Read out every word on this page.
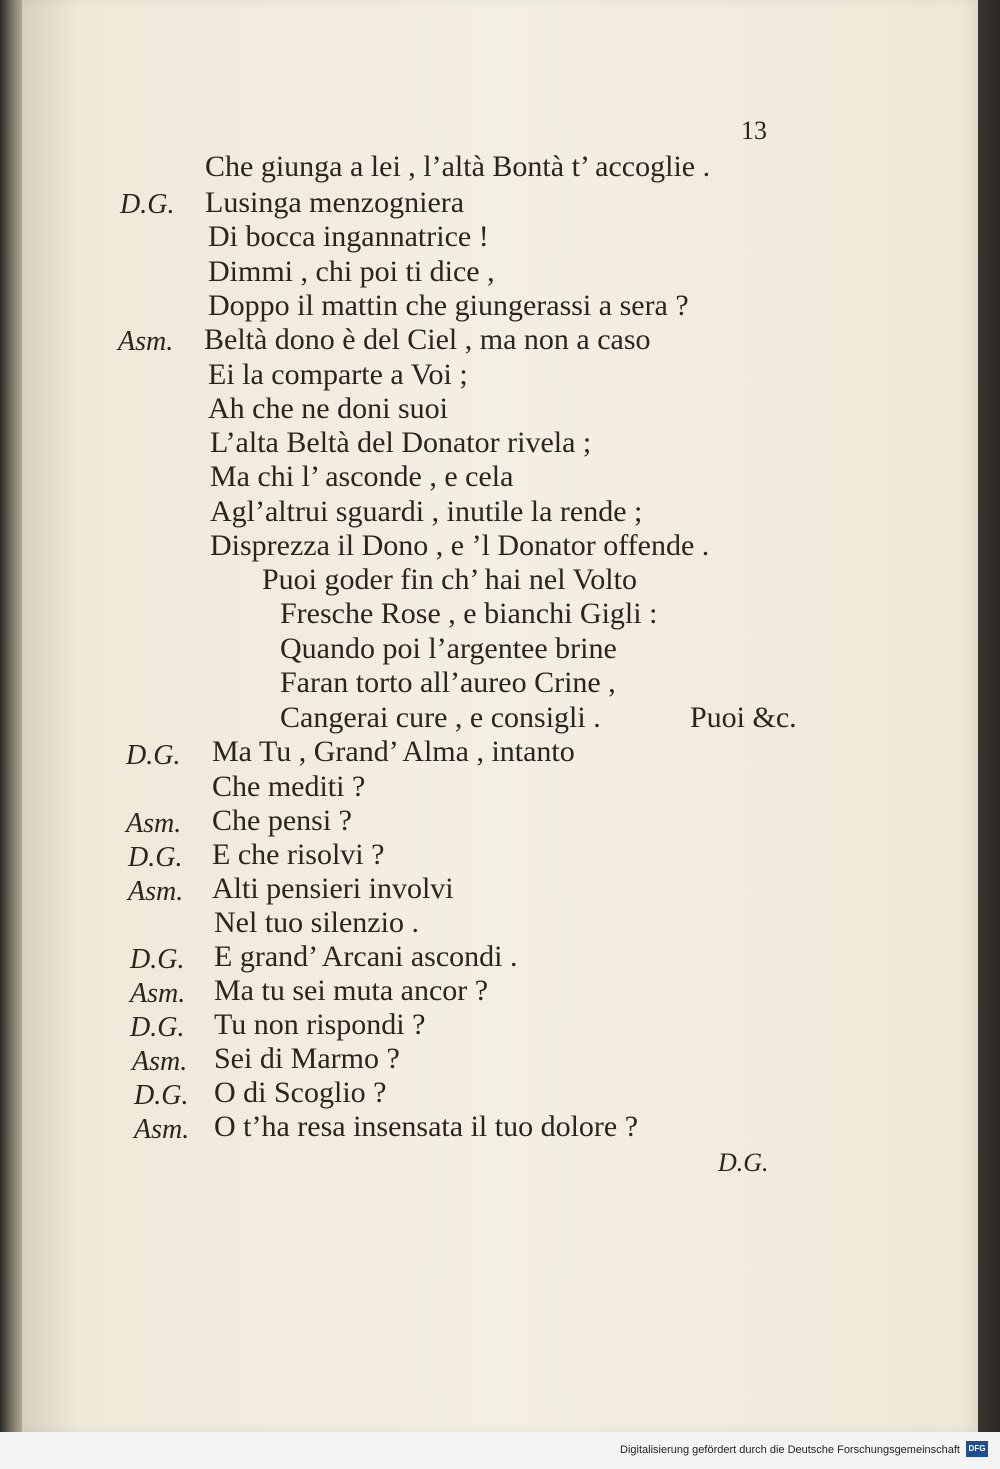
13
D.G.
Asm.
D.G.
Asm.
D.G.
Asm.
D.G.
Asm.
D.G.
Asm.
D.G.
Asm.
Che giunga a lei , l’altà Bontà t’ accoglie .
Lusinga menzogniera
Di bocca ingannatrice !
Dimmi , chi poi ti dice ,
Doppo il mattin che giungerassi a sera ?
Beltà dono è del Ciel , ma non a caso
Ei la comparte a Voi ;
Ah che ne doni suoi
L’alta Beltà del Donator rivela ;
Ma chi l’ asconde , e cela
Agl’altrui sguardi , inutile la rende ;
Disprezza il Dono , e ’l Donator offende .
Puoi goder fin ch’ hai nel Volto
Fresche Rose , e bianchi Gigli :
Quando poi l’argentee brine
Faran torto all’aureo Crine ,
Cangerai cure , e consigli .	Puoi &c.
Ma Tu , Grand’ Alma , intanto
Che mediti ?
Che pensi ?
E che risolvi ?
Alti pensieri involvi
Nel tuo silenzio .
E grand’ Arcani ascondi .
Ma tu sei muta ancor ?
Tu non rispondi ?
Sei di Marmo ?
O di Scoglio ?
O t’ha resa insensata il tuo dolore ?
D.G.
Digitalisierung gefördert durch die Deutsche Forschungsgemeinschaft	DFG
